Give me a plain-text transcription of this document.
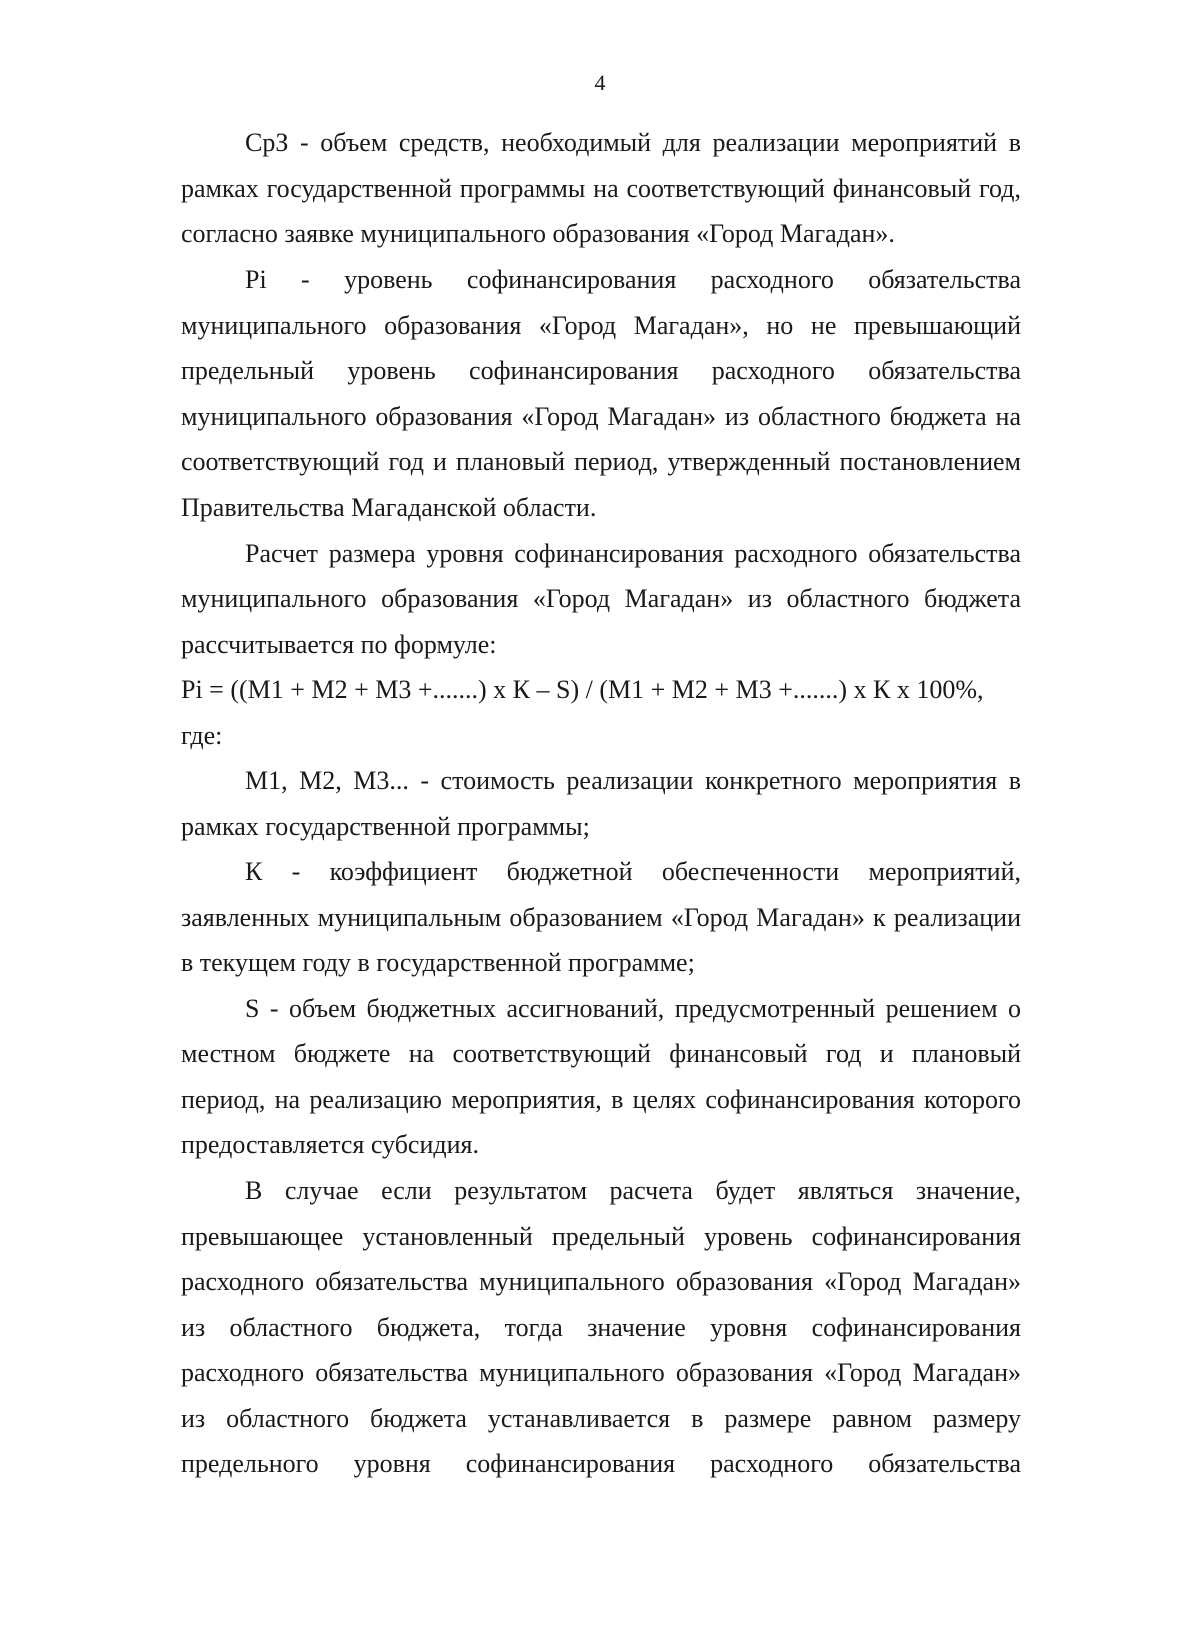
4

СрЗ - объем средств, необходимый для реализации мероприятий в рамках государственной программы на соответствующий финансовый год, согласно заявке муниципального образования «Город Магадан».

Pi - уровень софинансирования расходного обязательства муниципального образования «Город Магадан», но не превышающий предельный уровень софинансирования расходного обязательства муниципального образования «Город Магадан» из областного бюджета на соответствующий год и плановый период, утвержденный постановлением Правительства Магаданской области.

Расчет размера уровня софинансирования расходного обязательства муниципального образования «Город Магадан» из областного бюджета рассчитывается по формуле:

Pi = ((M1 + M2 + M3 +.......) х К – S) / (M1 + M2 + M3 +.......) х К х 100%,

где:

M1, M2, M3... - стоимость реализации конкретного мероприятия в рамках государственной программы;

К - коэффициент бюджетной обеспеченности мероприятий, заявленных муниципальным образованием «Город Магадан» к реализации в текущем году в государственной программе;

S - объем бюджетных ассигнований, предусмотренный решением о местном бюджете на соответствующий финансовый год и плановый период, на реализацию мероприятия, в целях софинансирования которого предоставляется субсидия.

В случае если результатом расчета будет являться значение, превышающее установленный предельный уровень софинансирования расходного обязательства муниципального образования «Город Магадан» из областного бюджета, тогда значение уровня софинансирования расходного обязательства муниципального образования «Город Магадан» из областного бюджета устанавливается в размере равном размеру предельного уровня софинансирования расходного обязательства
